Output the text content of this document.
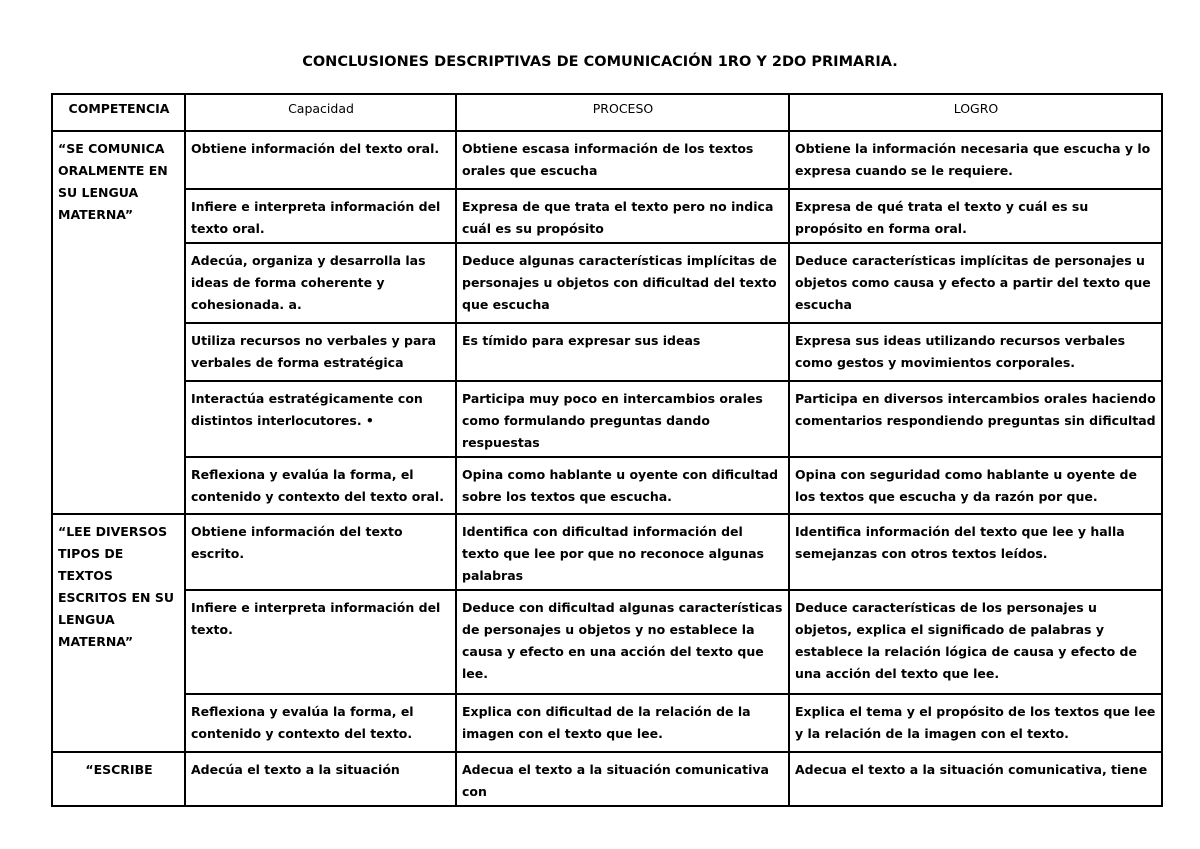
CONCLUSIONES DESCRIPTIVAS DE COMUNICACIÓN 1RO Y 2DO PRIMARIA.
COMPETENCIA	Capacidad	PROCESO	LOGRO
“SE COMUNICA ORALMENTE EN SU LENGUA MATERNA”	Obtiene información del texto oral.	Obtiene escasa información de los textos orales que escucha	Obtiene la información necesaria que escucha y lo expresa cuando se le requiere.
	Infiere e interpreta información del texto oral.	Expresa de que trata el texto pero no indica cuál es su propósito	Expresa de qué trata el texto y cuál es su propósito en forma oral.
	Adecúa, organiza y desarrolla las ideas de forma coherente y cohesionada. a.	Deduce algunas características implícitas de personajes u objetos con dificultad del texto que escucha	Deduce características implícitas de personajes u objetos como causa y efecto a partir del texto que escucha
	Utiliza recursos no verbales y para verbales de forma estratégica	Es tímido para expresar sus ideas	Expresa sus ideas utilizando recursos verbales como gestos y movimientos corporales.
	Interactúa estratégicamente con distintos interlocutores. •	Participa muy poco en intercambios orales como formulando preguntas dando respuestas	Participa en diversos intercambios orales haciendo comentarios respondiendo preguntas sin dificultad
	Reflexiona y evalúa la forma, el contenido y contexto del texto oral.	Opina como hablante u oyente con dificultad sobre los textos que escucha.	Opina con seguridad como hablante u oyente de los textos que escucha y da razón por que.
“LEE DIVERSOS TIPOS DE TEXTOS ESCRITOS EN SU LENGUA MATERNA”	Obtiene información del texto escrito.	Identifica con dificultad información del texto que lee por que no reconoce algunas palabras	Identifica información del texto que lee y halla semejanzas con otros textos leídos.
	Infiere e interpreta información del texto.	Deduce con dificultad algunas características de personajes u objetos y no establece la causa y efecto en una acción del texto que lee.	Deduce características de los personajes u objetos, explica el significado de palabras y establece la relación lógica de causa y efecto de una acción del texto que lee.
	Reflexiona y evalúa la forma, el contenido y contexto del texto.	Explica con dificultad de la relación de la imagen con el texto que lee.	Explica el tema y el propósito de los textos que lee y la relación de la imagen con el texto.
“ESCRIBE	Adecúa el texto a la situación	Adecua el texto a la situación comunicativa con	Adecua el texto a la situación comunicativa, tiene
